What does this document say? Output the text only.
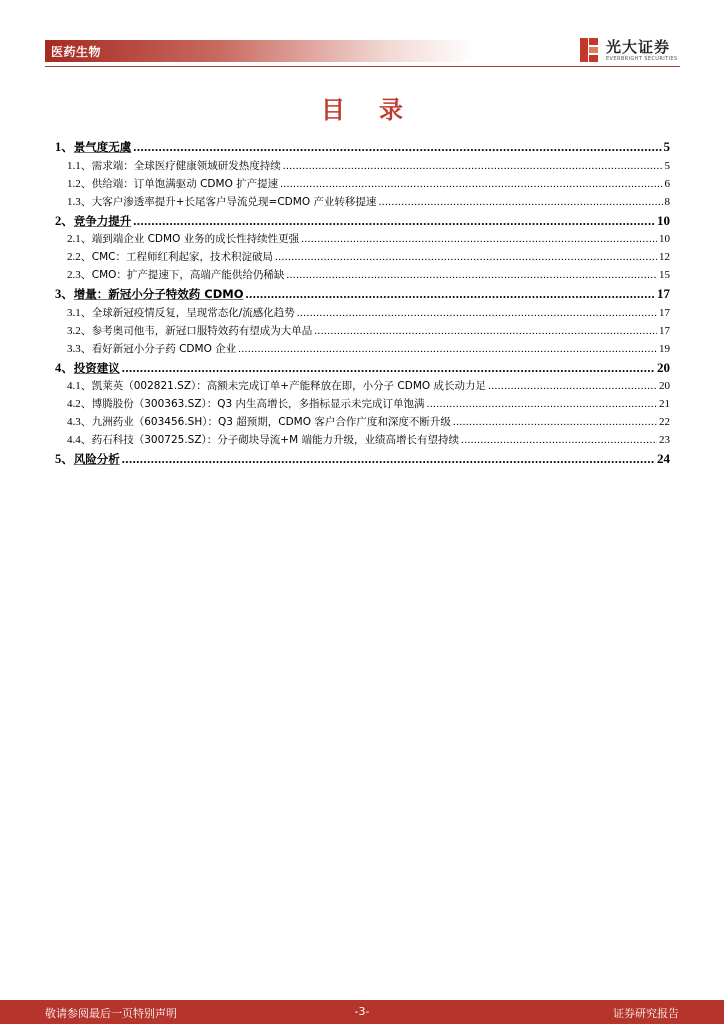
医药生物	光大证券
EVERBRIGHT SECURITIES
目录
1、 景气度无虞 .....	5
1.1、 需求端：全球医疗健康领域研发热度持续 .....	5
1.2、 供给端：订单饱满驱动 CDMO 扩产提速 .....	6
1.3、 大客户渗透率提升+长尾客户导流兑现=CDMO 产业转移提速 .....	8
2、 竞争力提升 .....	10
2.1、 端到端企业 CDMO 业务的成长性持续性更强 .....	10
2.2、 CMC：工程师红利起家，技术积淀破局 .....	12
2.3、 CMO：扩产提速下，高端产能供给仍稀缺 .....	15
3、 增量：新冠小分子特效药 CDMO .....	17
3.1、 全球新冠疫情反复，呈现常态化/流感化趋势 .....	17
3.2、 参考奥司他韦，新冠口服特效药有望成为大单品 .....	17
3.3、 看好新冠小分子药 CDMO 企业 .....	19
4、 投资建议 .....	20
4.1、 凯莱英（002821.SZ）：高额未完成订单+产能释放在即，小分子 CDMO 成长动力足 .....	20
4.2、 博腾股份（300363.SZ）：Q3 内生高增长，多指标显示未完成订单饱满 .....	21
4.3、 九洲药业（603456.SH）：Q3 超预期，CDMO 客户合作广度和深度不断升级 .....	22
4.4、 药石科技（300725.SZ）：分子砌块导流+M 端能力升级，业绩高增长有望持续 .....	23
5、 风险分析 .....	24
敬请参阅最后一页特别声明	-3-	证券研究报告
